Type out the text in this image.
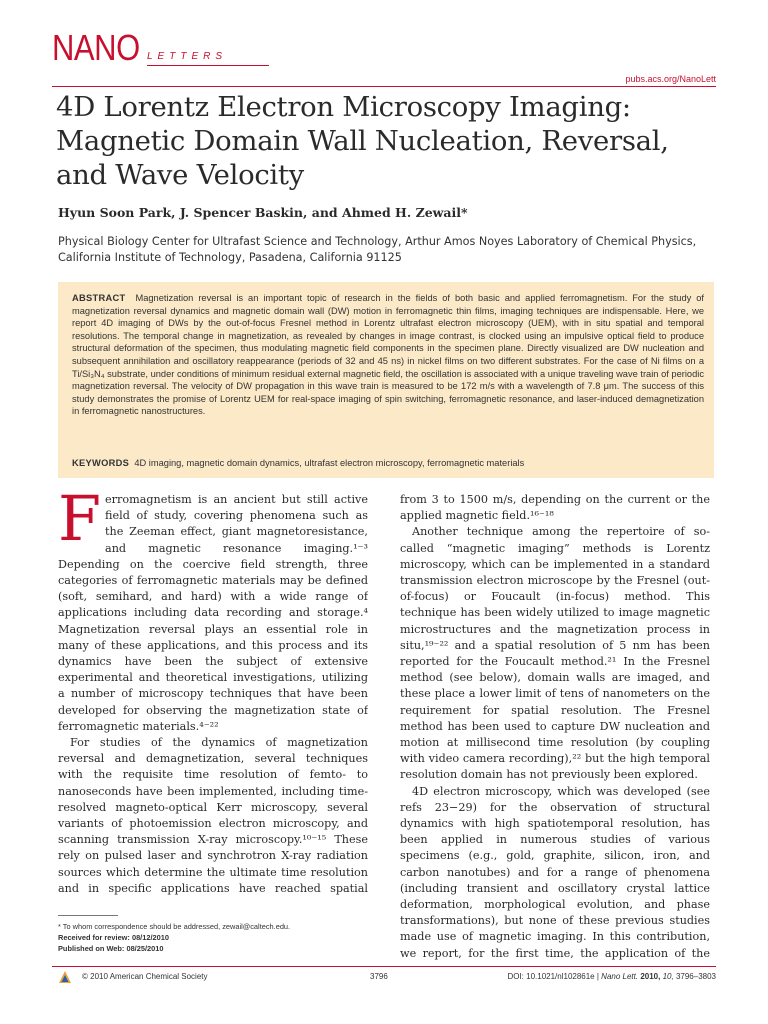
NANO LETTERS
pubs.acs.org/NanoLett
4D Lorentz Electron Microscopy Imaging: Magnetic Domain Wall Nucleation, Reversal, and Wave Velocity

Hyun Soon Park, J. Spencer Baskin, and Ahmed H. Zewail*

Physical Biology Center for Ultrafast Science and Technology, Arthur Amos Noyes Laboratory of Chemical Physics, California Institute of Technology, Pasadena, California 91125

ABSTRACT Magnetization reversal is an important topic of research in the fields of both basic and applied ferromagnetism. For the study of magnetization reversal dynamics and magnetic domain wall (DW) motion in ferromagnetic thin films, imaging techniques are indispensable. Here, we report 4D imaging of DWs by the out-of-focus Fresnel method in Lorentz ultrafast electron microscopy (UEM), with in situ spatial and temporal resolutions. The temporal change in magnetization, as revealed by changes in image contrast, is clocked using an impulsive optical field to produce structural deformation of the specimen, thus modulating magnetic field components in the specimen plane. Directly visualized are DW nucleation and subsequent annihilation and oscillatory reappearance (periods of 32 and 45 ns) in nickel films on two different substrates. For the case of Ni films on a Ti/Si₃N₄ substrate, under conditions of minimum residual external magnetic field, the oscillation is associated with a unique traveling wave train of periodic magnetization reversal. The velocity of DW propagation in this wave train is measured to be 172 m/s with a wavelength of 7.8 μm. The success of this study demonstrates the promise of Lorentz UEM for real-space imaging of spin switching, ferromagnetic resonance, and laser-induced demagnetization in ferromagnetic nanostructures.

KEYWORDS 4D imaging, magnetic domain dynamics, ultrafast electron microscopy, ferromagnetic materials

Ferromagnetism is an ancient but still active field of study, covering phenomena such as the Zeeman effect, giant magnetoresistance, and magnetic resonance imaging.¹⁻³ Depending on the coercive field strength, three categories of ferromagnetic materials may be defined (soft, semihard, and hard) with a wide range of applications including data recording and storage.⁴ Magnetization reversal plays an essential role in many of these applications, and this process and its dynamics have been the subject of extensive experimental and theoretical investigations, utilizing a number of microscopy techniques that have been developed for observing the magnetization state of ferromagnetic materials.⁴⁻²²

For studies of the dynamics of magnetization reversal and demagnetization, several techniques with the requisite time resolution of femto- to nanoseconds have been implemented, including time-resolved magneto-optical Kerr microscopy, several variants of photoemission electron microscopy, and scanning transmission X-ray microscopy.¹⁰⁻¹⁵ These rely on pulsed laser and synchrotron X-ray radiation sources which determine the ultimate time resolution and in specific applications have reached spatial

from 3 to 1500 m/s, depending on the current or the applied magnetic field.¹⁶⁻¹⁸

Another technique among the repertoire of so-called “magnetic imaging” methods is Lorentz microscopy, which can be implemented in a standard transmission electron microscope by the Fresnel (out-of-focus) or Foucault (in-focus) method. This technique has been widely utilized to image magnetic microstructures and the magnetization process in situ,¹⁹⁻²² and a spatial resolution of 5 nm has been reported for the Foucault method.²¹ In the Fresnel method (see below), domain walls are imaged, and these place a lower limit of tens of nanometers on the requirement for spatial resolution. The Fresnel method has been used to capture DW nucleation and motion at millisecond time resolution (by coupling with video camera recording),²² but the high temporal resolution domain has not previously been explored.

4D electron microscopy, which was developed (see refs 23−29) for the observation of structural dynamics with high spatiotemporal resolution, has been applied in numerous studies of various specimens (e.g., gold, graphite, silicon, iron, and carbon nanotubes) and for a range of phenomena (including transient and oscillatory crystal lattice deformation, morphological evolution, and phase transformations), but none of these previous studies made use of magnetic imaging. In this contribution, we report, for the first time, the application of the

* To whom correspondence should be addressed, zewail@caltech.edu.
Received for review: 08/12/2010
Published on Web: 08/25/2010
© 2010 American Chemical Society	3796	DOI: 10.1021/nl102861e | Nano Lett. 2010, 10, 3796–3803
